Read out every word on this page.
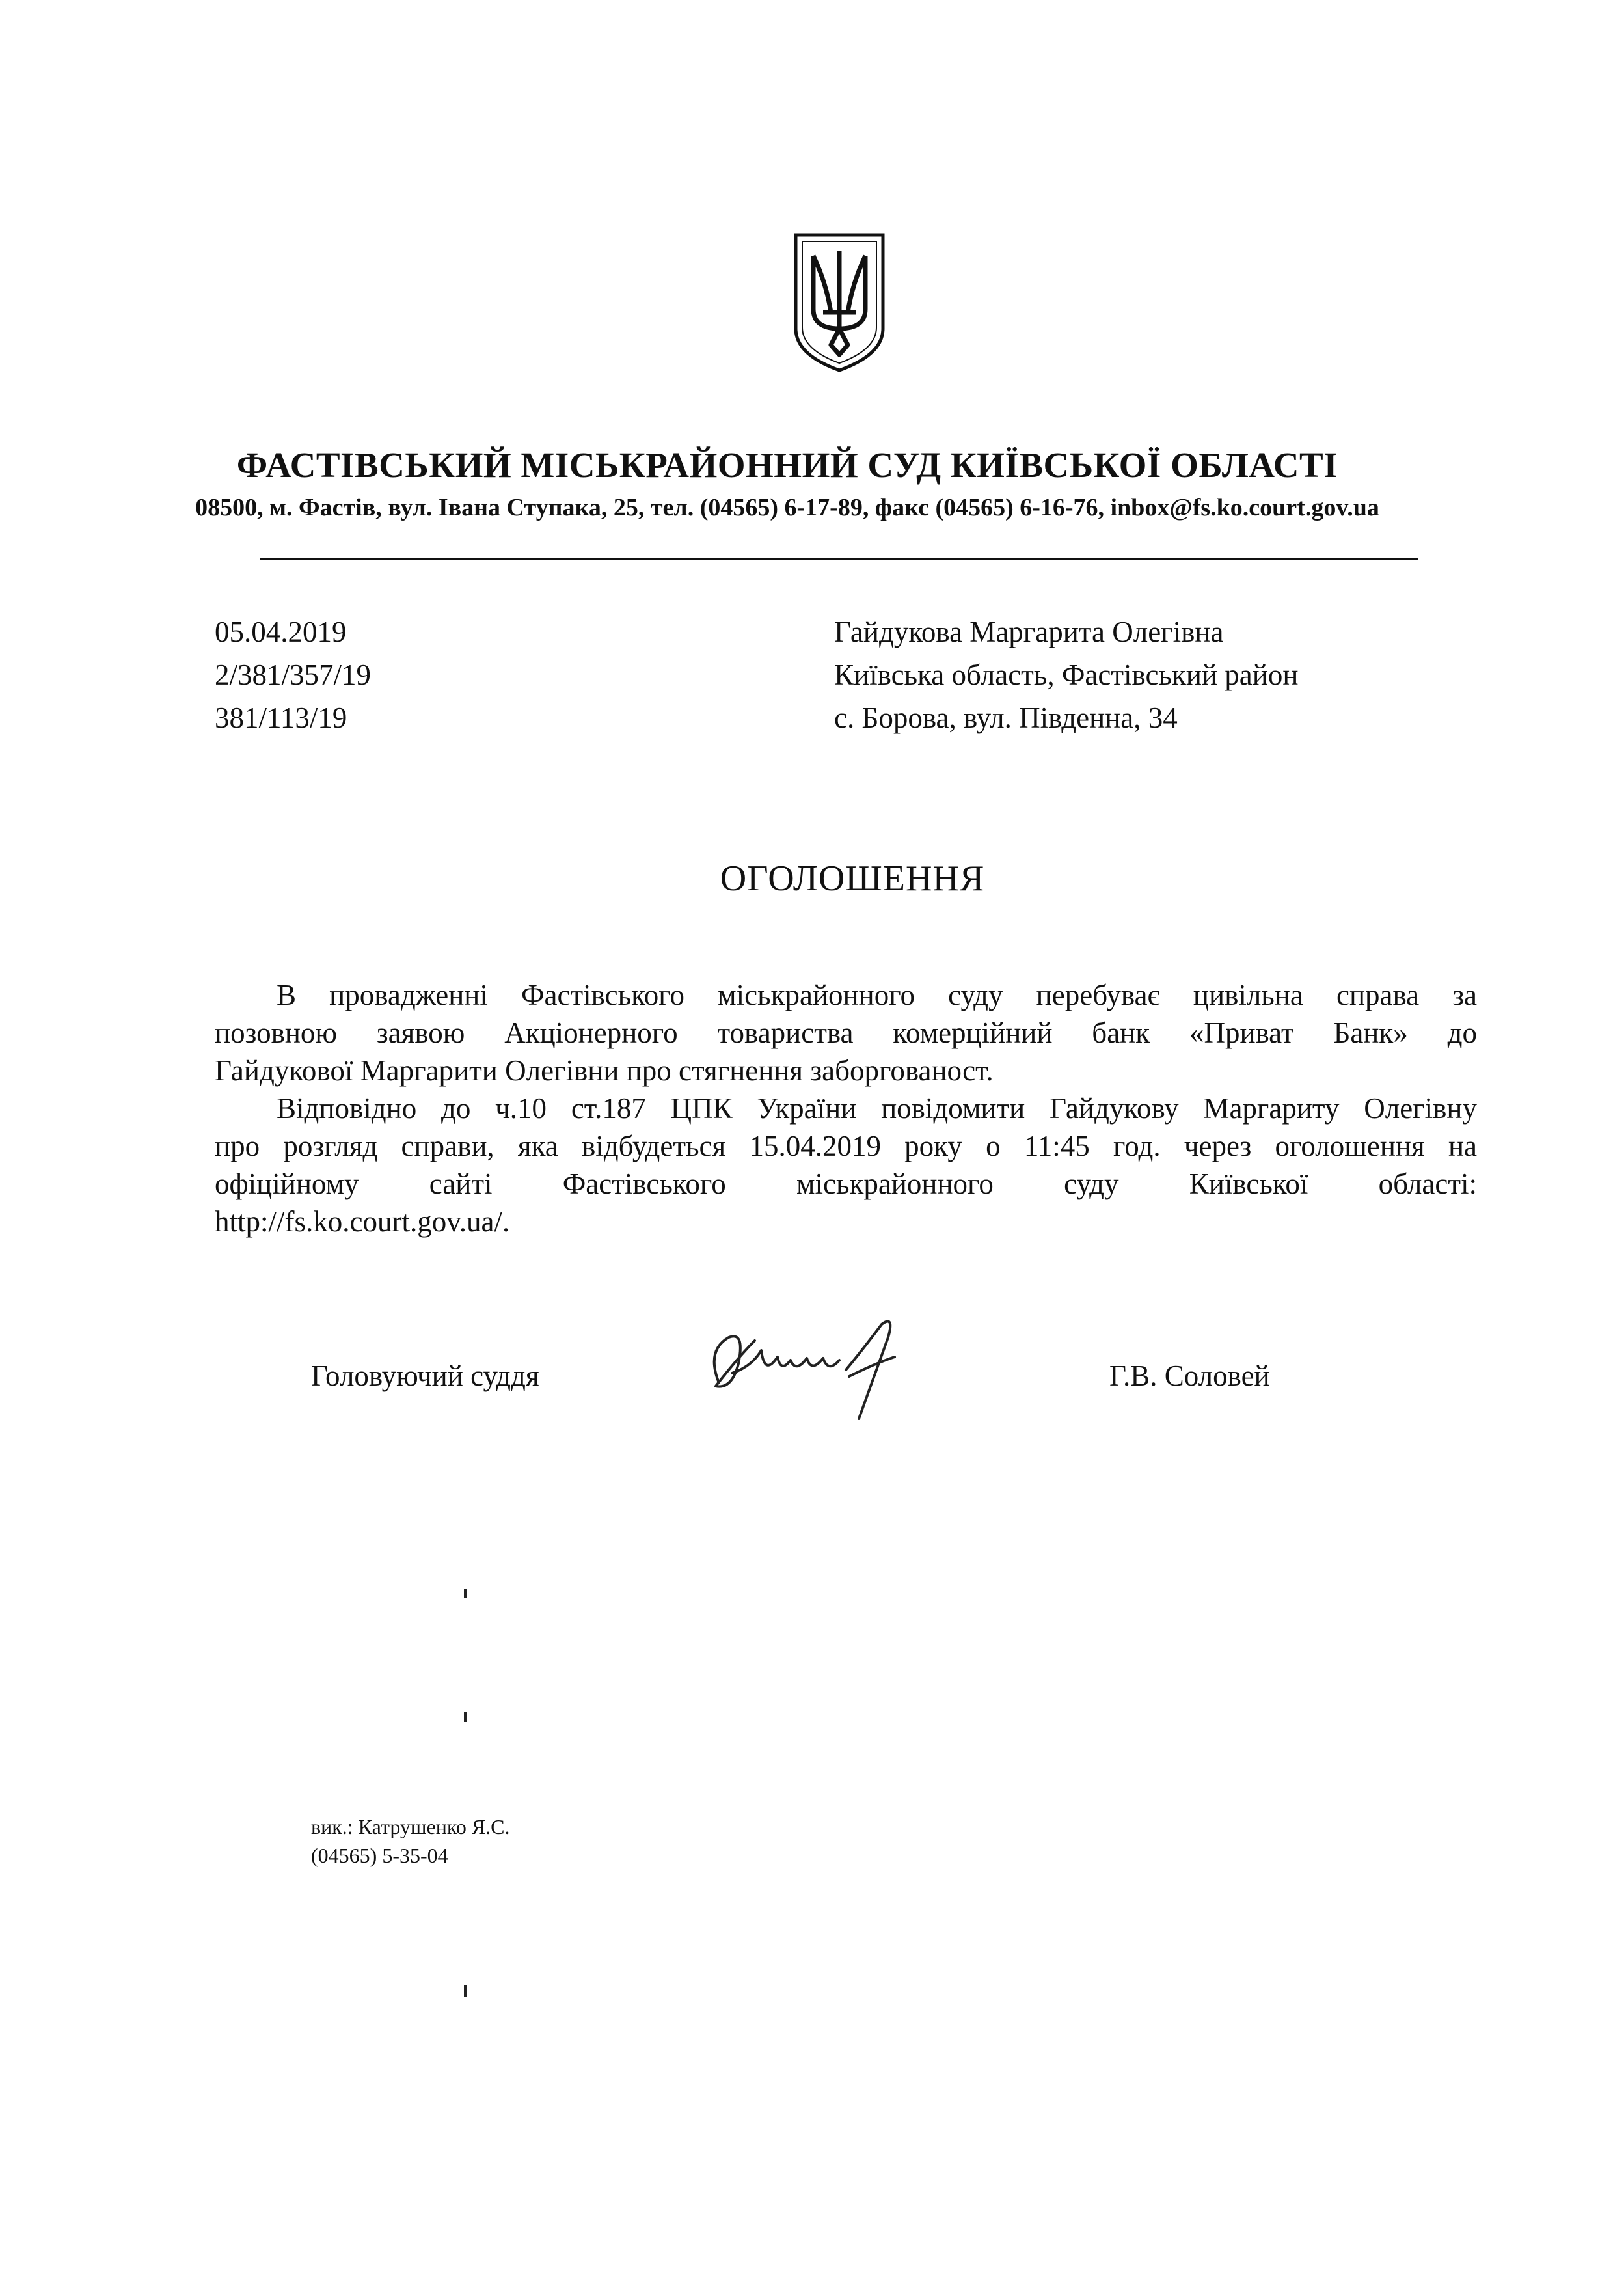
ФАСТІВСЬКИЙ МІСЬКРАЙОННИЙ СУД КИЇВСЬКОЇ ОБЛАСТІ
08500, м. Фастів, вул. Івана Ступака, 25, тел. (04565) 6-17-89, факс (04565) 6-16-76, inbox@fs.ko.court.gov.ua
05.04.2019
2/381/357/19
381/113/19
Гайдукова Маргарита Олегівна
Київська область, Фастівський район
с. Борова, вул. Південна, 34
ОГОЛОШЕННЯ

В провадженні Фастівського міськрайонного суду перебуває цивільна справа за

позовною заявою Акціонерного товариства комерційний банк «Приват Банк» до

Гайдукової Маргарити Олегівни про стягнення заборгованост.

Відповідно до ч.10 ст.187 ЦПК України повідомити Гайдукову Маргариту Олегівну

про розгляд справи, яка відбудеться 15.04.2019 року о 11:45 год. через оголошення на

офіційному сайті Фастівського міськрайонного суду Київської області:

http://fs.ko.court.gov.ua/.

Головуючий суддя	Г.В. Соловей
вик.: Катрушенко Я.С.
(04565) 5-35-04
